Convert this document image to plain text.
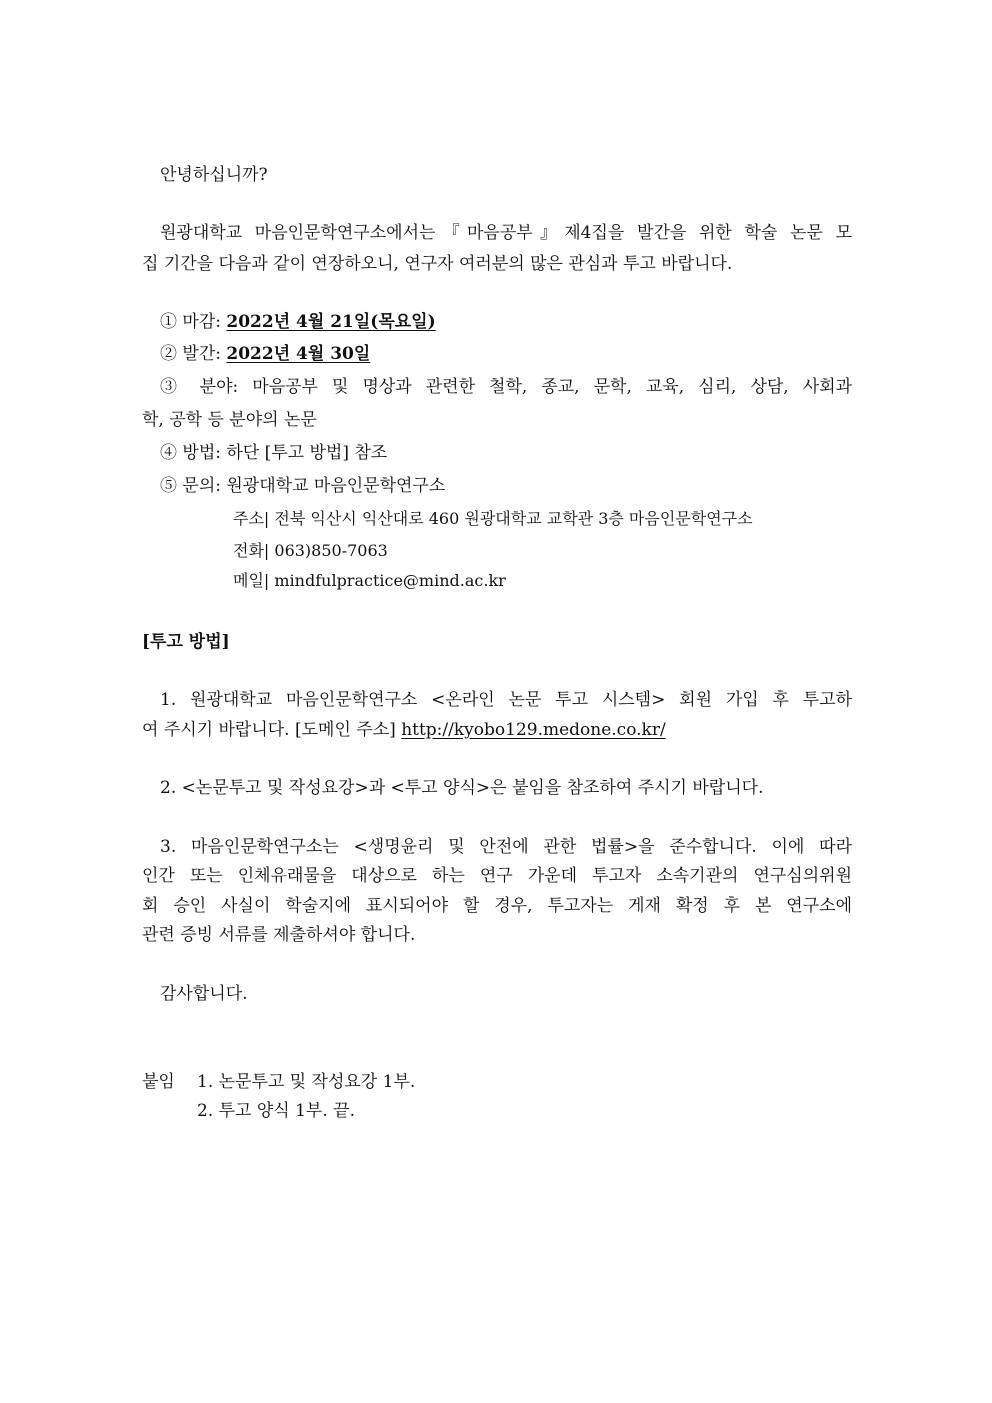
안녕하십니까?
원광대학교 마음인문학연구소에서는『마음공부』제4집을 발간을 위한 학술 논문 모
집 기간을 다음과 같이 연장하오니, 연구자 여러분의 많은 관심과 투고 바랍니다.
① 마감: 2022년 4월 21일(목요일)
② 발간: 2022년 4월 30일
③ 분야: 마음공부 및 명상과 관련한 철학, 종교, 문학, 교육, 심리, 상담, 사회과
학, 공학 등 분야의 논문
④ 방법: 하단 [투고 방법] 참조
⑤ 문의: 원광대학교 마음인문학연구소
주소| 전북 익산시 익산대로 460 원광대학교 교학관 3층 마음인문학연구소
전화| 063)850-7063
메일| mindfulpractice@mind.ac.kr
[투고 방법]
1. 원광대학교 마음인문학연구소 <온라인 논문 투고 시스템> 회원 가입 후 투고하
여 주시기 바랍니다. [도메인 주소] http://kyobo129.medone.co.kr/
2. <논문투고 및 작성요강>과 <투고 양식>은 붙임을 참조하여 주시기 바랍니다.
3. 마음인문학연구소는 <생명윤리 및 안전에 관한 법률>을 준수합니다. 이에 따라
인간 또는 인체유래물을 대상으로 하는 연구 가운데 투고자 소속기관의 연구심의위원
회 승인 사실이 학술지에 표시되어야 할 경우, 투고자는 게재 확정 후 본 연구소에
관련 증빙 서류를 제출하셔야 합니다.
감사합니다.
붙임 1. 논문투고 및 작성요강 1부.
2. 투고 양식 1부. 끝.
